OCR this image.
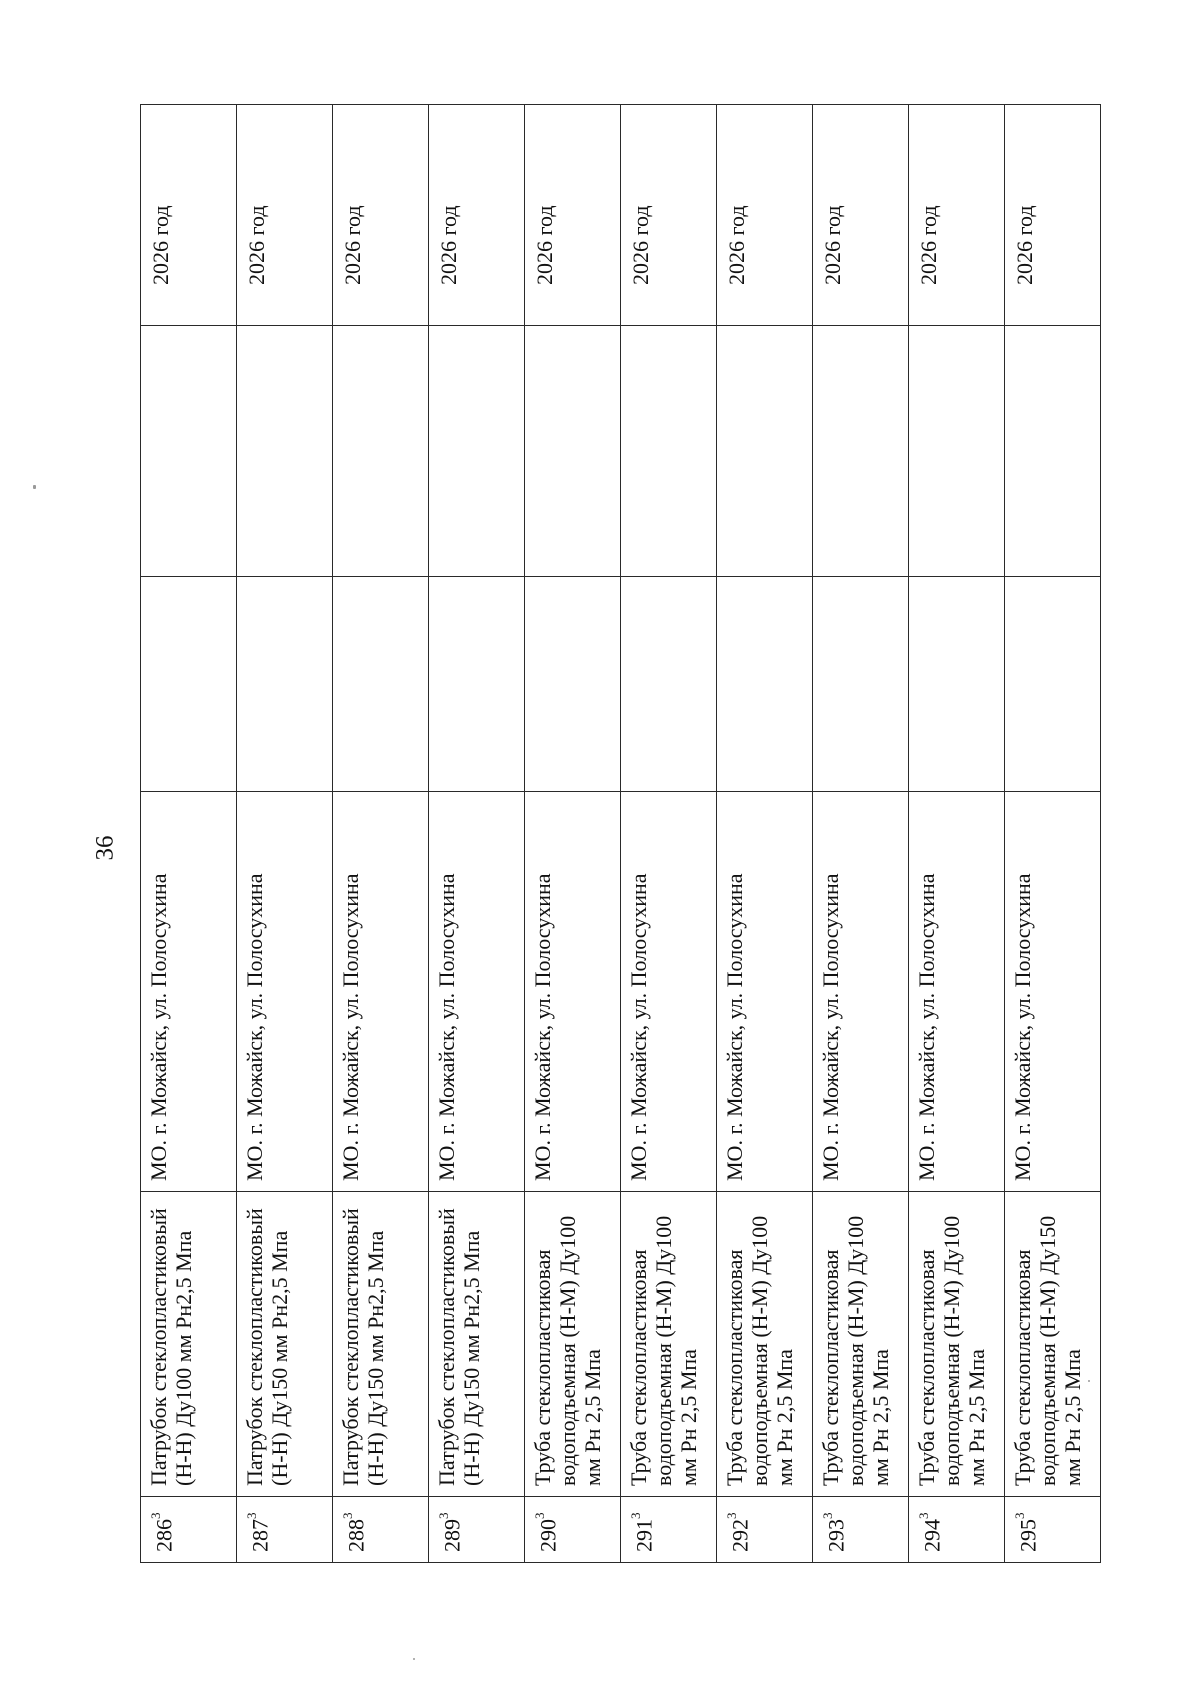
36
$286^3$	Патрубок стеклопластиковый (Н-Н) Ду100 мм Рн2,5 Мпа	МО. г. Можайск, ул. Полосухина			2026 год

$287^3$	Патрубок стеклопластиковый (Н-Н) Ду150 мм Рн2,5 Мпа	МО. г. Можайск, ул. Полосухина			2026 год

$288^3$	Патрубок стеклопластиковый (Н-Н) Ду150 мм Рн2,5 Мпа	МО. г. Можайск, ул. Полосухина			2026 год

$289^3$	Патрубок стеклопластиковый (Н-Н) Ду150 мм Рн2,5 Мпа	МО. г. Можайск, ул. Полосухина			2026 год

$290^3$	Труба стеклопластиковая водоподъемная (Н-М) Ду100 мм Рн 2,5 Мпа	МО. г. Можайск, ул. Полосухина			2026 год

$291^3$	Труба стеклопластиковая водоподъемная (Н-М) Ду100 мм Рн 2,5 Мпа	МО. г. Можайск, ул. Полосухина			2026 год

$292^3$	Труба стеклопластиковая водоподъемная (Н-М) Ду100 мм Рн 2,5 Мпа	МО. г. Можайск, ул. Полосухина			2026 год

$293^3$	Труба стеклопластиковая водоподъемная (Н-М) Ду100 мм Рн 2,5 Мпа	МО. г. Можайск, ул. Полосухина			2026 год

$294^3$	Труба стеклопластиковая водоподъемная (Н-М) Ду100 мм Рн 2,5 Мпа	МО. г. Можайск, ул. Полосухина			2026 год

$295^3$	Труба стеклопластиковая водоподъемная (Н-М) Ду150 мм Рн 2,5 Мпа	МО. г. Можайск, ул. Полосухина			2026 год
